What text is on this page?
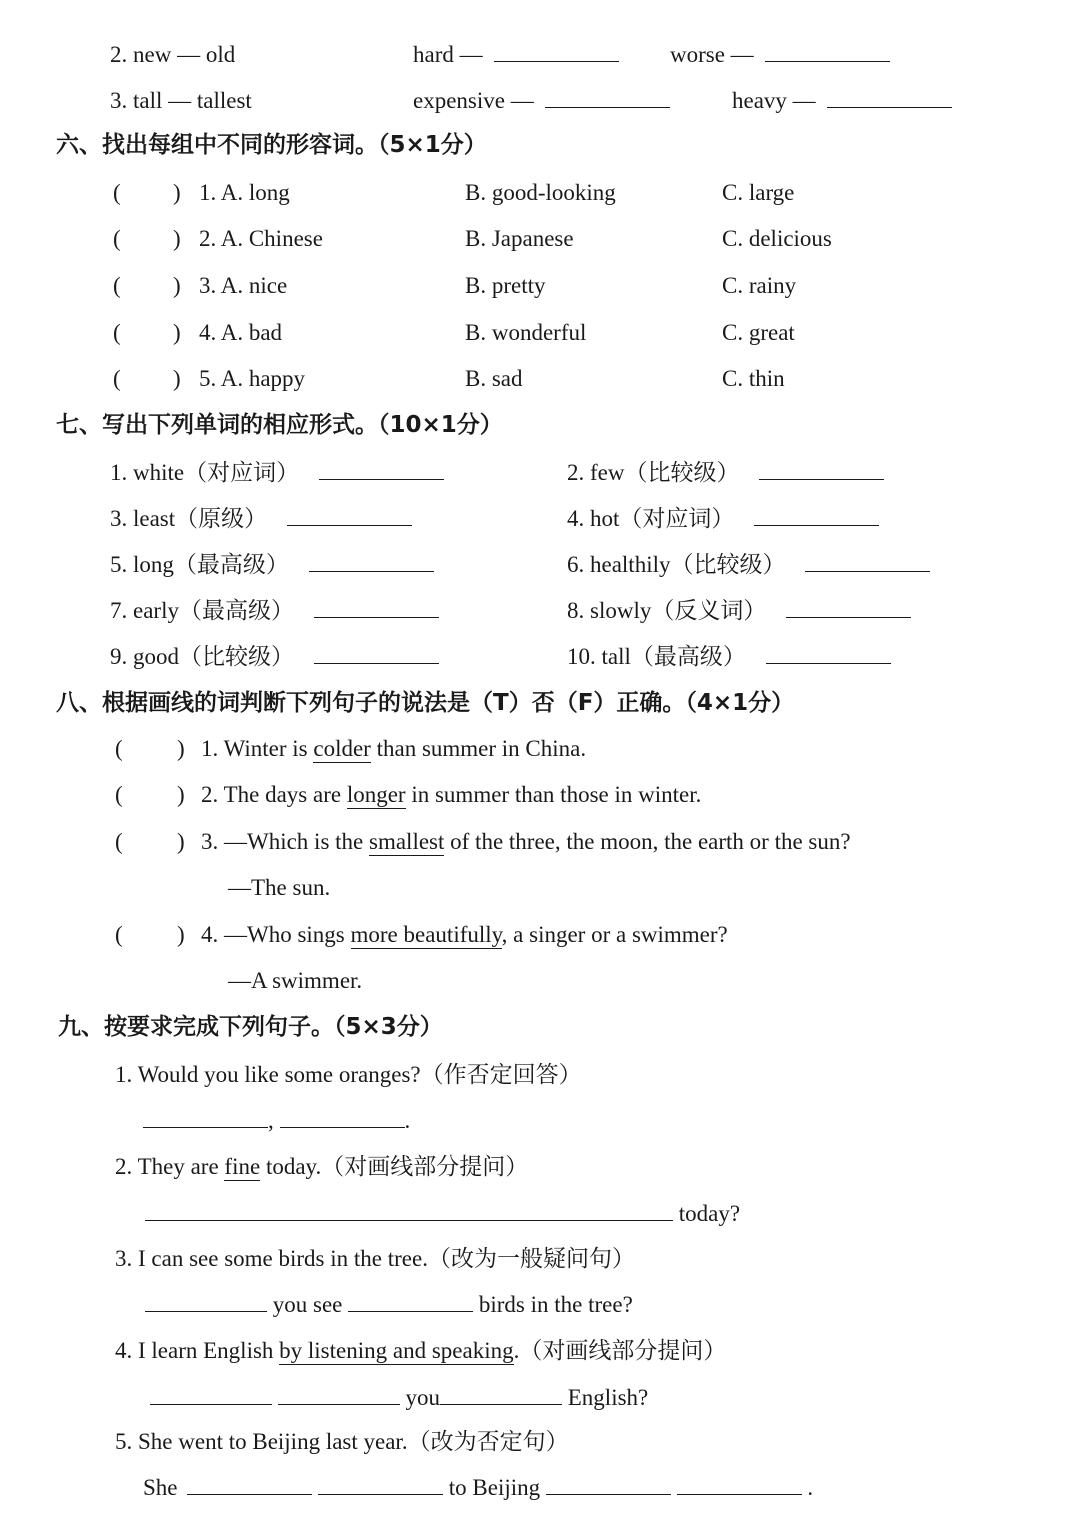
2. new — old	hard —	worse —
3. tall — tallest	expensive —	heavy —
六、找出每组中不同的形容词。（5×1分）
( ) 1. A. long	B. good-looking	C. large
( ) 2. A. Chinese	B. Japanese	C. delicious
( ) 3. A. nice	B. pretty	C. rainy
( ) 4. A. bad	B. wonderful	C. great
( ) 5. A. happy	B. sad	C. thin
七、写出下列单词的相应形式。（10×1分）
1. white（对应词）	2. few（比较级）
3. least（原级）	4. hot（对应词）
5. long（最高级）	6. healthily（比较级）
7. early（最高级）	8. slowly（反义词）
9. good（比较级）	10. tall（最高级）
八、根据画线的词判断下列句子的说法是（T）否（F）正确。（4×1分）
( ) 1. Winter is colder than summer in China.
( ) 2. The days are longer in summer than those in winter.
( ) 3. —Which is the smallest of the three, the moon, the earth or the sun?
—The sun.
( ) 4. —Who sings more beautifully, a singer or a swimmer?
—A swimmer.
九、按要求完成下列句子。（5×3分）
1. Would you like some oranges?（作否定回答）
,	.
2. They are fine today.（对画线部分提问）
today?
3. I can see some birds in the tree.（改为一般疑问句）
you see	birds in the tree?
4. I learn English by listening and speaking.（对画线部分提问）
you	English?
5. She went to Beijing last year.（改为否定句）
She	to Beijing	.
